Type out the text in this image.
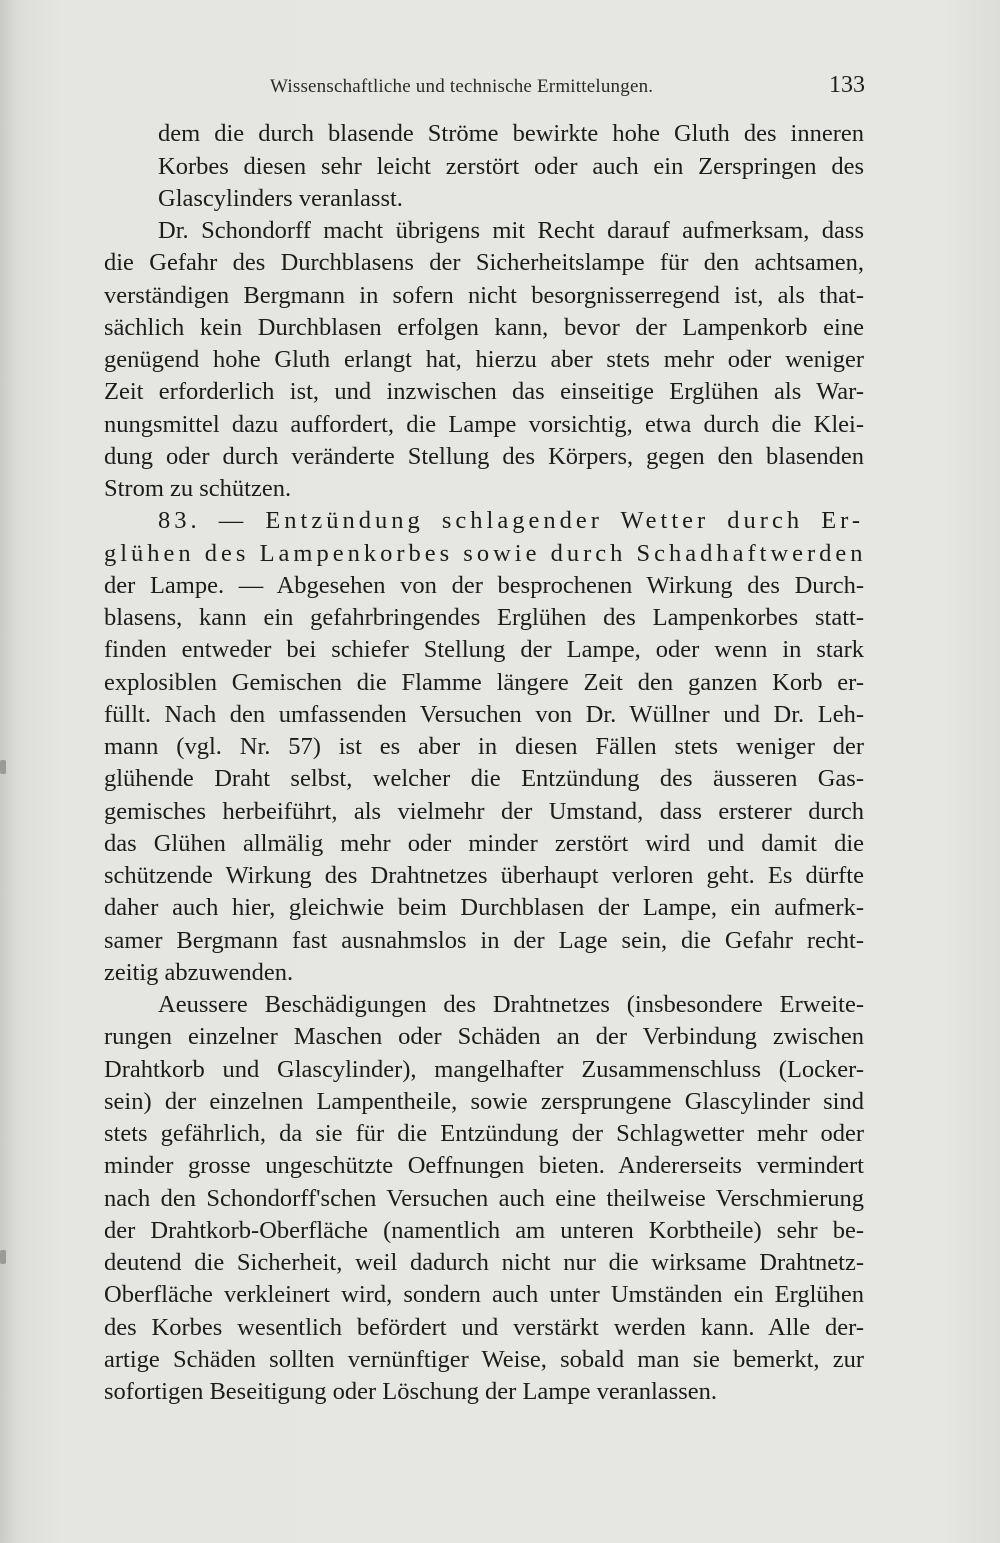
Wissenschaftliche und technische Ermittelungen.	133
dem die durch blasende Ströme bewirkte hohe Gluth des inneren
Korbes diesen sehr leicht zerstört oder auch ein Zerspringen des
Glascylinders veranlasst.
Dr. Schondorff macht übrigens mit Recht darauf aufmerksam, dass
die Gefahr des Durchblasens der Sicherheitslampe für den achtsamen,
verständigen Bergmann in sofern nicht besorgnisserregend ist, als that-
sächlich kein Durchblasen erfolgen kann, bevor der Lampenkorb eine
genügend hohe Gluth erlangt hat, hierzu aber stets mehr oder weniger
Zeit erforderlich ist, und inzwischen das einseitige Erglühen als War-
nungsmittel dazu auffordert, die Lampe vorsichtig, etwa durch die Klei-
dung oder durch veränderte Stellung des Körpers, gegen den blasenden
Strom zu schützen.
83. — Entzündung schlagender Wetter durch Er-
glühen des Lampenkorbes sowie durch Schadhaftwerden
der Lampe. — Abgesehen von der besprochenen Wirkung des Durch-
blasens, kann ein gefahrbringendes Erglühen des Lampenkorbes statt-
finden entweder bei schiefer Stellung der Lampe, oder wenn in stark
explosiblen Gemischen die Flamme längere Zeit den ganzen Korb er-
füllt. Nach den umfassenden Versuchen von Dr. Wüllner und Dr. Leh-
mann (vgl. Nr. 57) ist es aber in diesen Fällen stets weniger der
glühende Draht selbst, welcher die Entzündung des äusseren Gas-
gemisches herbeiführt, als vielmehr der Umstand, dass ersterer durch
das Glühen allmälig mehr oder minder zerstört wird und damit die
schützende Wirkung des Drahtnetzes überhaupt verloren geht. Es dürfte
daher auch hier, gleichwie beim Durchblasen der Lampe, ein aufmerk-
samer Bergmann fast ausnahmslos in der Lage sein, die Gefahr recht-
zeitig abzuwenden.
Aeussere Beschädigungen des Drahtnetzes (insbesondere Erweite-
rungen einzelner Maschen oder Schäden an der Verbindung zwischen
Drahtkorb und Glascylinder), mangelhafter Zusammenschluss (Locker-
sein) der einzelnen Lampentheile, sowie zersprungene Glascylinder sind
stets gefährlich, da sie für die Entzündung der Schlagwetter mehr oder
minder grosse ungeschützte Oeffnungen bieten. Andererseits vermindert
nach den Schondorff'schen Versuchen auch eine theilweise Verschmierung
der Drahtkorb-Oberfläche (namentlich am unteren Korbtheile) sehr be-
deutend die Sicherheit, weil dadurch nicht nur die wirksame Drahtnetz-
Oberfläche verkleinert wird, sondern auch unter Umständen ein Erglühen
des Korbes wesentlich befördert und verstärkt werden kann. Alle der-
artige Schäden sollten vernünftiger Weise, sobald man sie bemerkt, zur
sofortigen Beseitigung oder Löschung der Lampe veranlassen.
